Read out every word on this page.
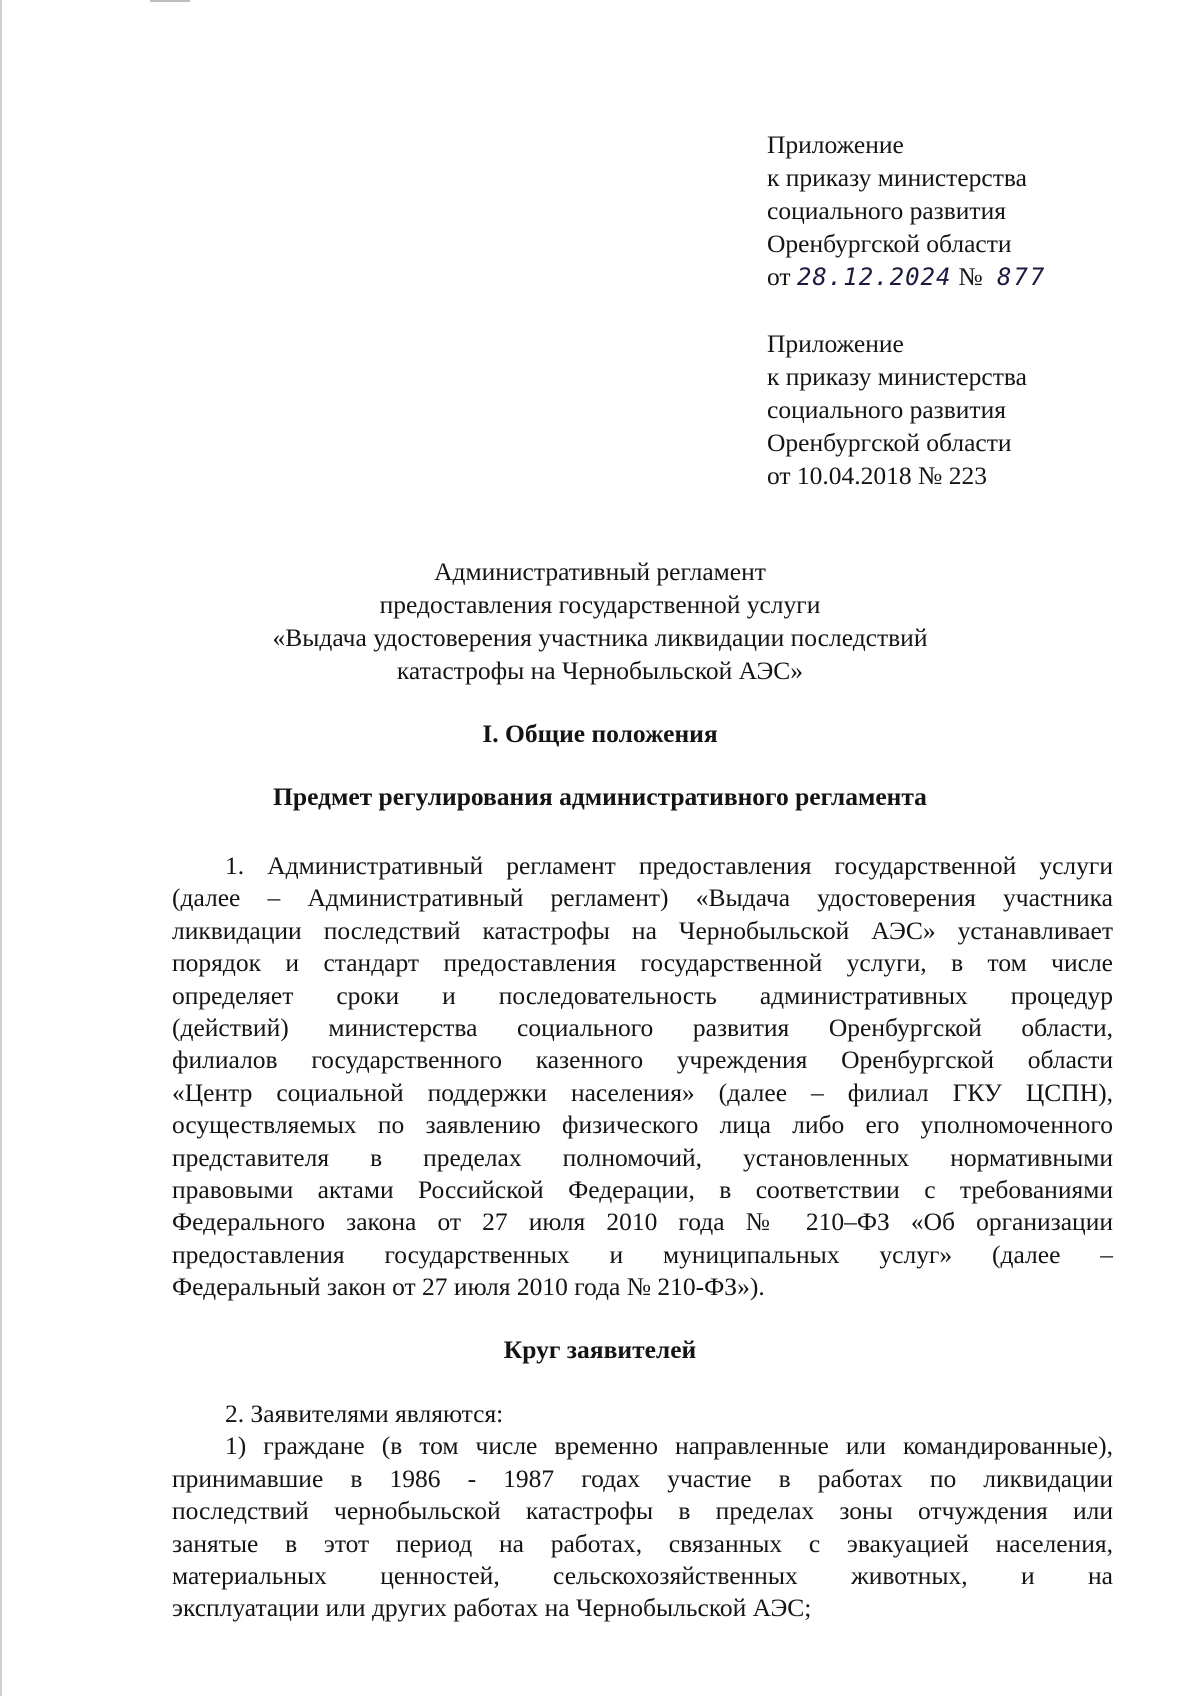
Приложение
к приказу министерства
социального развития
Оренбургской области
от 28.12.2024 № 877
Приложение
к приказу министерства
социального развития
Оренбургской области
от 10.04.2018 № 223
Административный регламент
предоставления государственной услуги
«Выдача удостоверения участника ликвидации последствий
катастрофы на Чернобыльской АЭС»
I. Общие положения
Предмет регулирования административного регламента
1. Административный регламент предоставления государственной услуги
(далее – Административный регламент) «Выдача удостоверения участника
ликвидации последствий катастрофы на Чернобыльской АЭС» устанавливает
порядок и стандарт предоставления государственной услуги, в том числе
определяет сроки и последовательность административных процедур
(действий) министерства социального развития Оренбургской области,
филиалов государственного казенного учреждения Оренбургской области
«Центр социальной поддержки населения» (далее – филиал ГКУ ЦСПН),
осуществляемых по заявлению физического лица либо его уполномоченного
представителя в пределах полномочий, установленных нормативными
правовыми актами Российской Федерации, в соответствии с требованиями
Федерального закона от 27 июля 2010 года № 210–ФЗ «Об организации
предоставления государственных и муниципальных услуг» (далее –
Федеральный закон от 27 июля 2010 года № 210-ФЗ»).
Круг заявителей
2. Заявителями являются:
1) граждане (в том числе временно направленные или командированные),
принимавшие в 1986 - 1987 годах участие в работах по ликвидации
последствий чернобыльской катастрофы в пределах зоны отчуждения или
занятые в этот период на работах, связанных с эвакуацией населения,
материальных ценностей, сельскохозяйственных животных, и на
эксплуатации или других работах на Чернобыльской АЭС;
